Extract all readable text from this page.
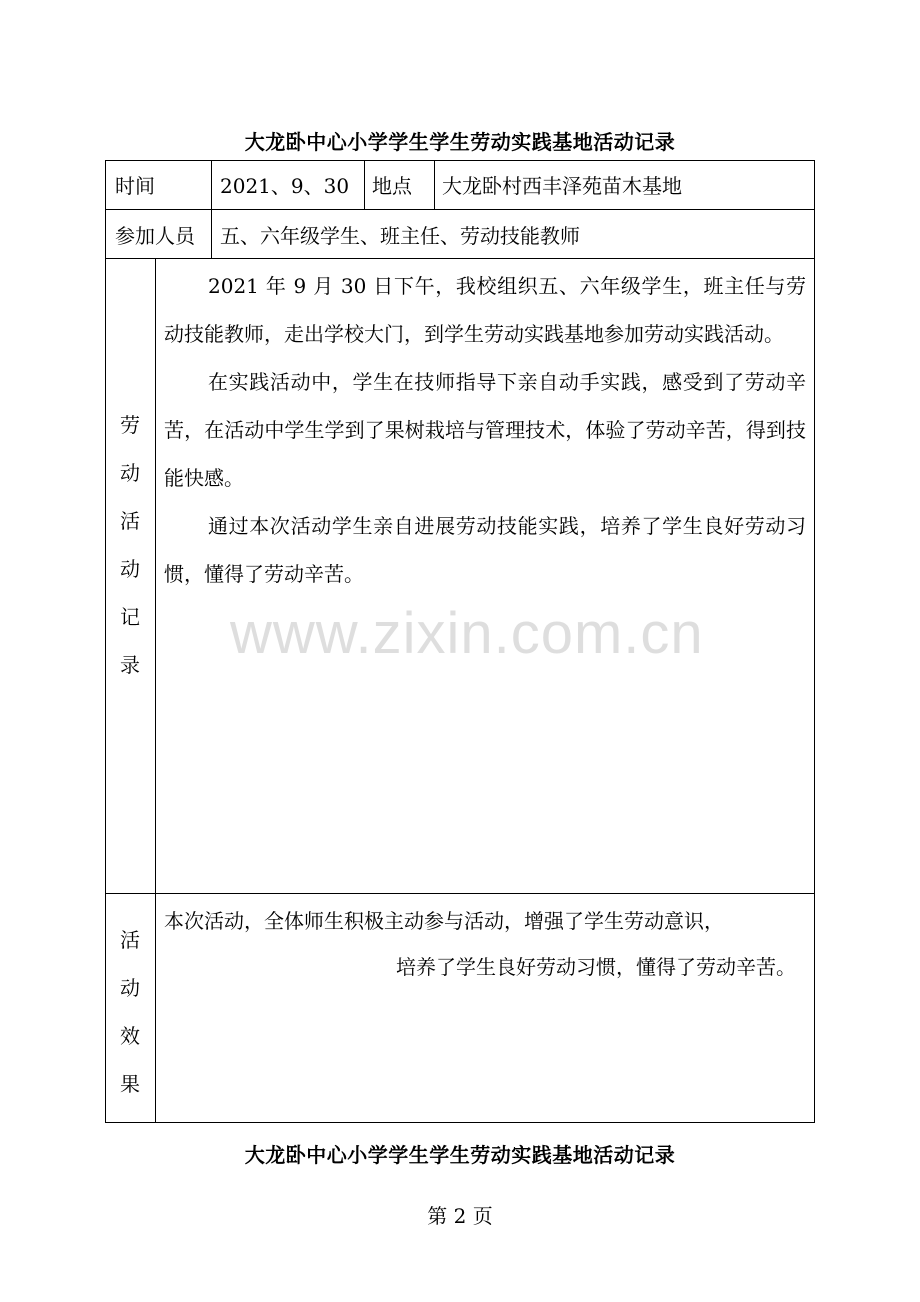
大龙卧中心小学学生学生劳动实践基地活动记录
时间	2021、9、30 地点 大龙卧村西丰泽苑苗木基地
参加人员 五、六年级学生、班主任、劳动技能教师
劳
动
活
动
记
录

2021 年 9 月 30 日下午，我校组织五、六年级学生，班主任与劳动技能教师，走出学校大门，到学生劳动实践基地参加劳动实践活动。

在实践活动中，学生在技师指导下亲自动手实践，感受到了劳动辛苦，在活动中学生学到了果树栽培与管理技术，体验了劳动辛苦，得到技能快感。

通过本次活动学生亲自进展劳动技能实践，培养了学生良好劳动习惯，懂得了劳动辛苦。

活
动
效
果
本次活动，全体师生积极主动参与活动，增强了学生劳动意识，
培养了学生良好劳动习惯，懂得了劳动辛苦。
www.zixin.com.cn
大龙卧中心小学学生学生劳动实践基地活动记录
第 2 页
